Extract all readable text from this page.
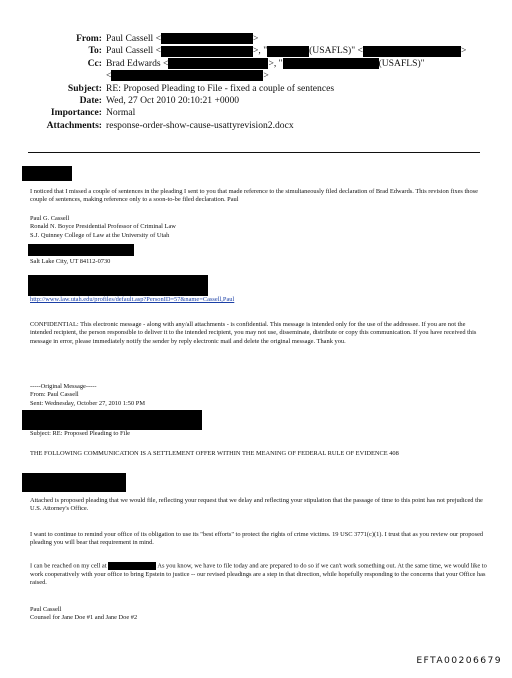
From: Paul Cassell <	>
To: Paul Cassell <	>, "	(USAFLS)" <	>
Cc: Brad Edwards <	>, "	(USAFLS)"
<	>
Subject: RE: Proposed Pleading to File - fixed a couple of sentences
Date: Wed, 27 Oct 2010 20:10:21 +0000
Importance: Normal
Attachments: response-order-show-cause-usattyrevision2.docx
I noticed that I missed a couple of sentences in the pleading I sent to you that made reference to the simultaneously filed declaration of Brad Edwards. This revision fixes those couple of sentences, making reference only to a soon-to-be filed declaration. Paul
Paul G. Cassell
Ronald N. Boyce Presidential Professor of Criminal Law
S.J. Quinney College of Law at the University of Utah
Salt Lake City, UT 84112-0730
http://www.law.utah.edu/profiles/default.asp?PersonID=57&name=Cassell,Paul
CONFIDENTIAL: This electronic message - along with any/all attachments - is confidential. This message is intended only for the use of the addressee. If you are not the intended recipient, the person responsible to deliver it to the intended recipient, you may not use, disseminate, distribute or copy this communication. If you have received this message in error, please immediately notify the sender by reply electronic mail and delete the original message. Thank you.
-----Original Message-----
From: Paul Cassell
Sent: Wednesday, October 27, 2010 1:50 PM
Subject: RE: Proposed Pleading to File
THE FOLLOWING COMMUNICATION IS A SETTLEMENT OFFER WITHIN THE MEANING OF FEDERAL RULE OF EVIDENCE 408
Attached is proposed pleading that we would file, reflecting your request that we delay and reflecting your stipulation that the passage of time to this point has not prejudiced the U.S. Attorney's Office.
I want to continue to remind your office of its obligation to use its "best efforts" to protect the rights of crime victims. 19 USC 3771(c)(1). I trust that as you review our proposed pleading you will bear that requirement in mind.
I can be reached on my cell at	As you know, we have to file today and are prepared to do so if we can't work something out. At the same time, we would like to work cooperatively with your office to bring Epstein to justice -- our revised pleadings are a step in that direction, while hopefully responding to the concerns that your Office has raised.
Paul Cassell
Counsel for Jane Doe #1 and Jane Doe #2
EFTA00206679
